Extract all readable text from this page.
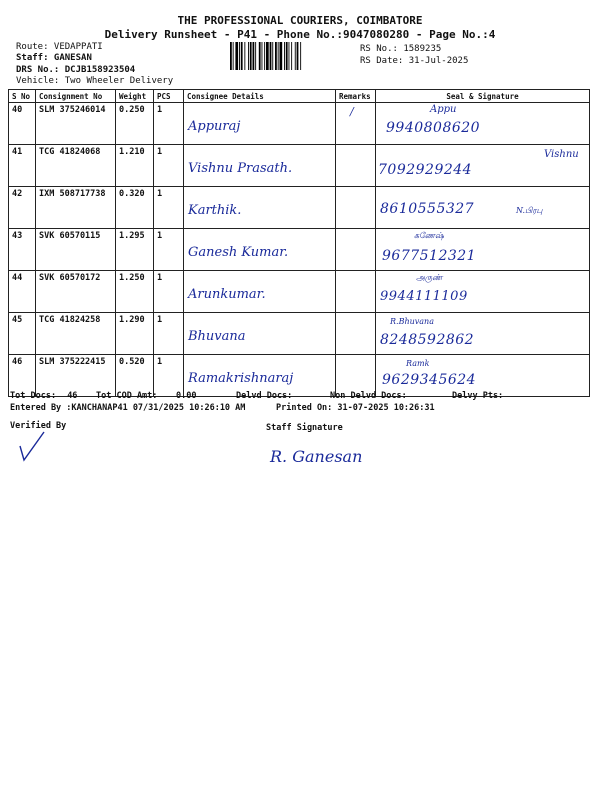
THE PROFESSIONAL COURIERS, COIMBATORE
Delivery Runsheet - P41 - Phone No.:9047080280 - Page No.:4
Route: VEDAPPATI
Staff: GANESAN
DRS No.: DCJB158923504
Vehicle: Two Wheeler Delivery
RS No.: 1589235
RS Date: 31-Jul-2025
S No	Consignment No	Weight	PCS	Consignee Details	Remarks	Seal & Signature
40	SLM 375246014	0.250	1	Appuraj	/	Appu
9940808620

41	TCG 41824068	1.210	1	Vishnu Prasath.		7092929244
Vishnu

42	IXM 508717738	0.320	1	Karthik.		8610555327 N.பிரபு

43	SVK 60570115	1.295	1	Ganesh Kumar.		கணேஷ்
9677512321

44	SVK 60570172	1.250	1	Arunkumar.		அருண்
9944111109

45	TCG 41824258	1.290	1	Bhuvana		R.Bhuvana
8248592862

46	SLM 375222415	0.520	1	Ramakrishnaraj		Ramk
9629345624
Tot Docs: 46 Tot COD Amt: 0.00	Delvd Docs:	Non Delvd Docs:	Delvy Pts:
Entered By :KANCHANAP41 07/31/2025 10:26:10 AM	Printed On: 31-07-2025 10:26:31
Verified By	Staff Signature
R. Ganesan
